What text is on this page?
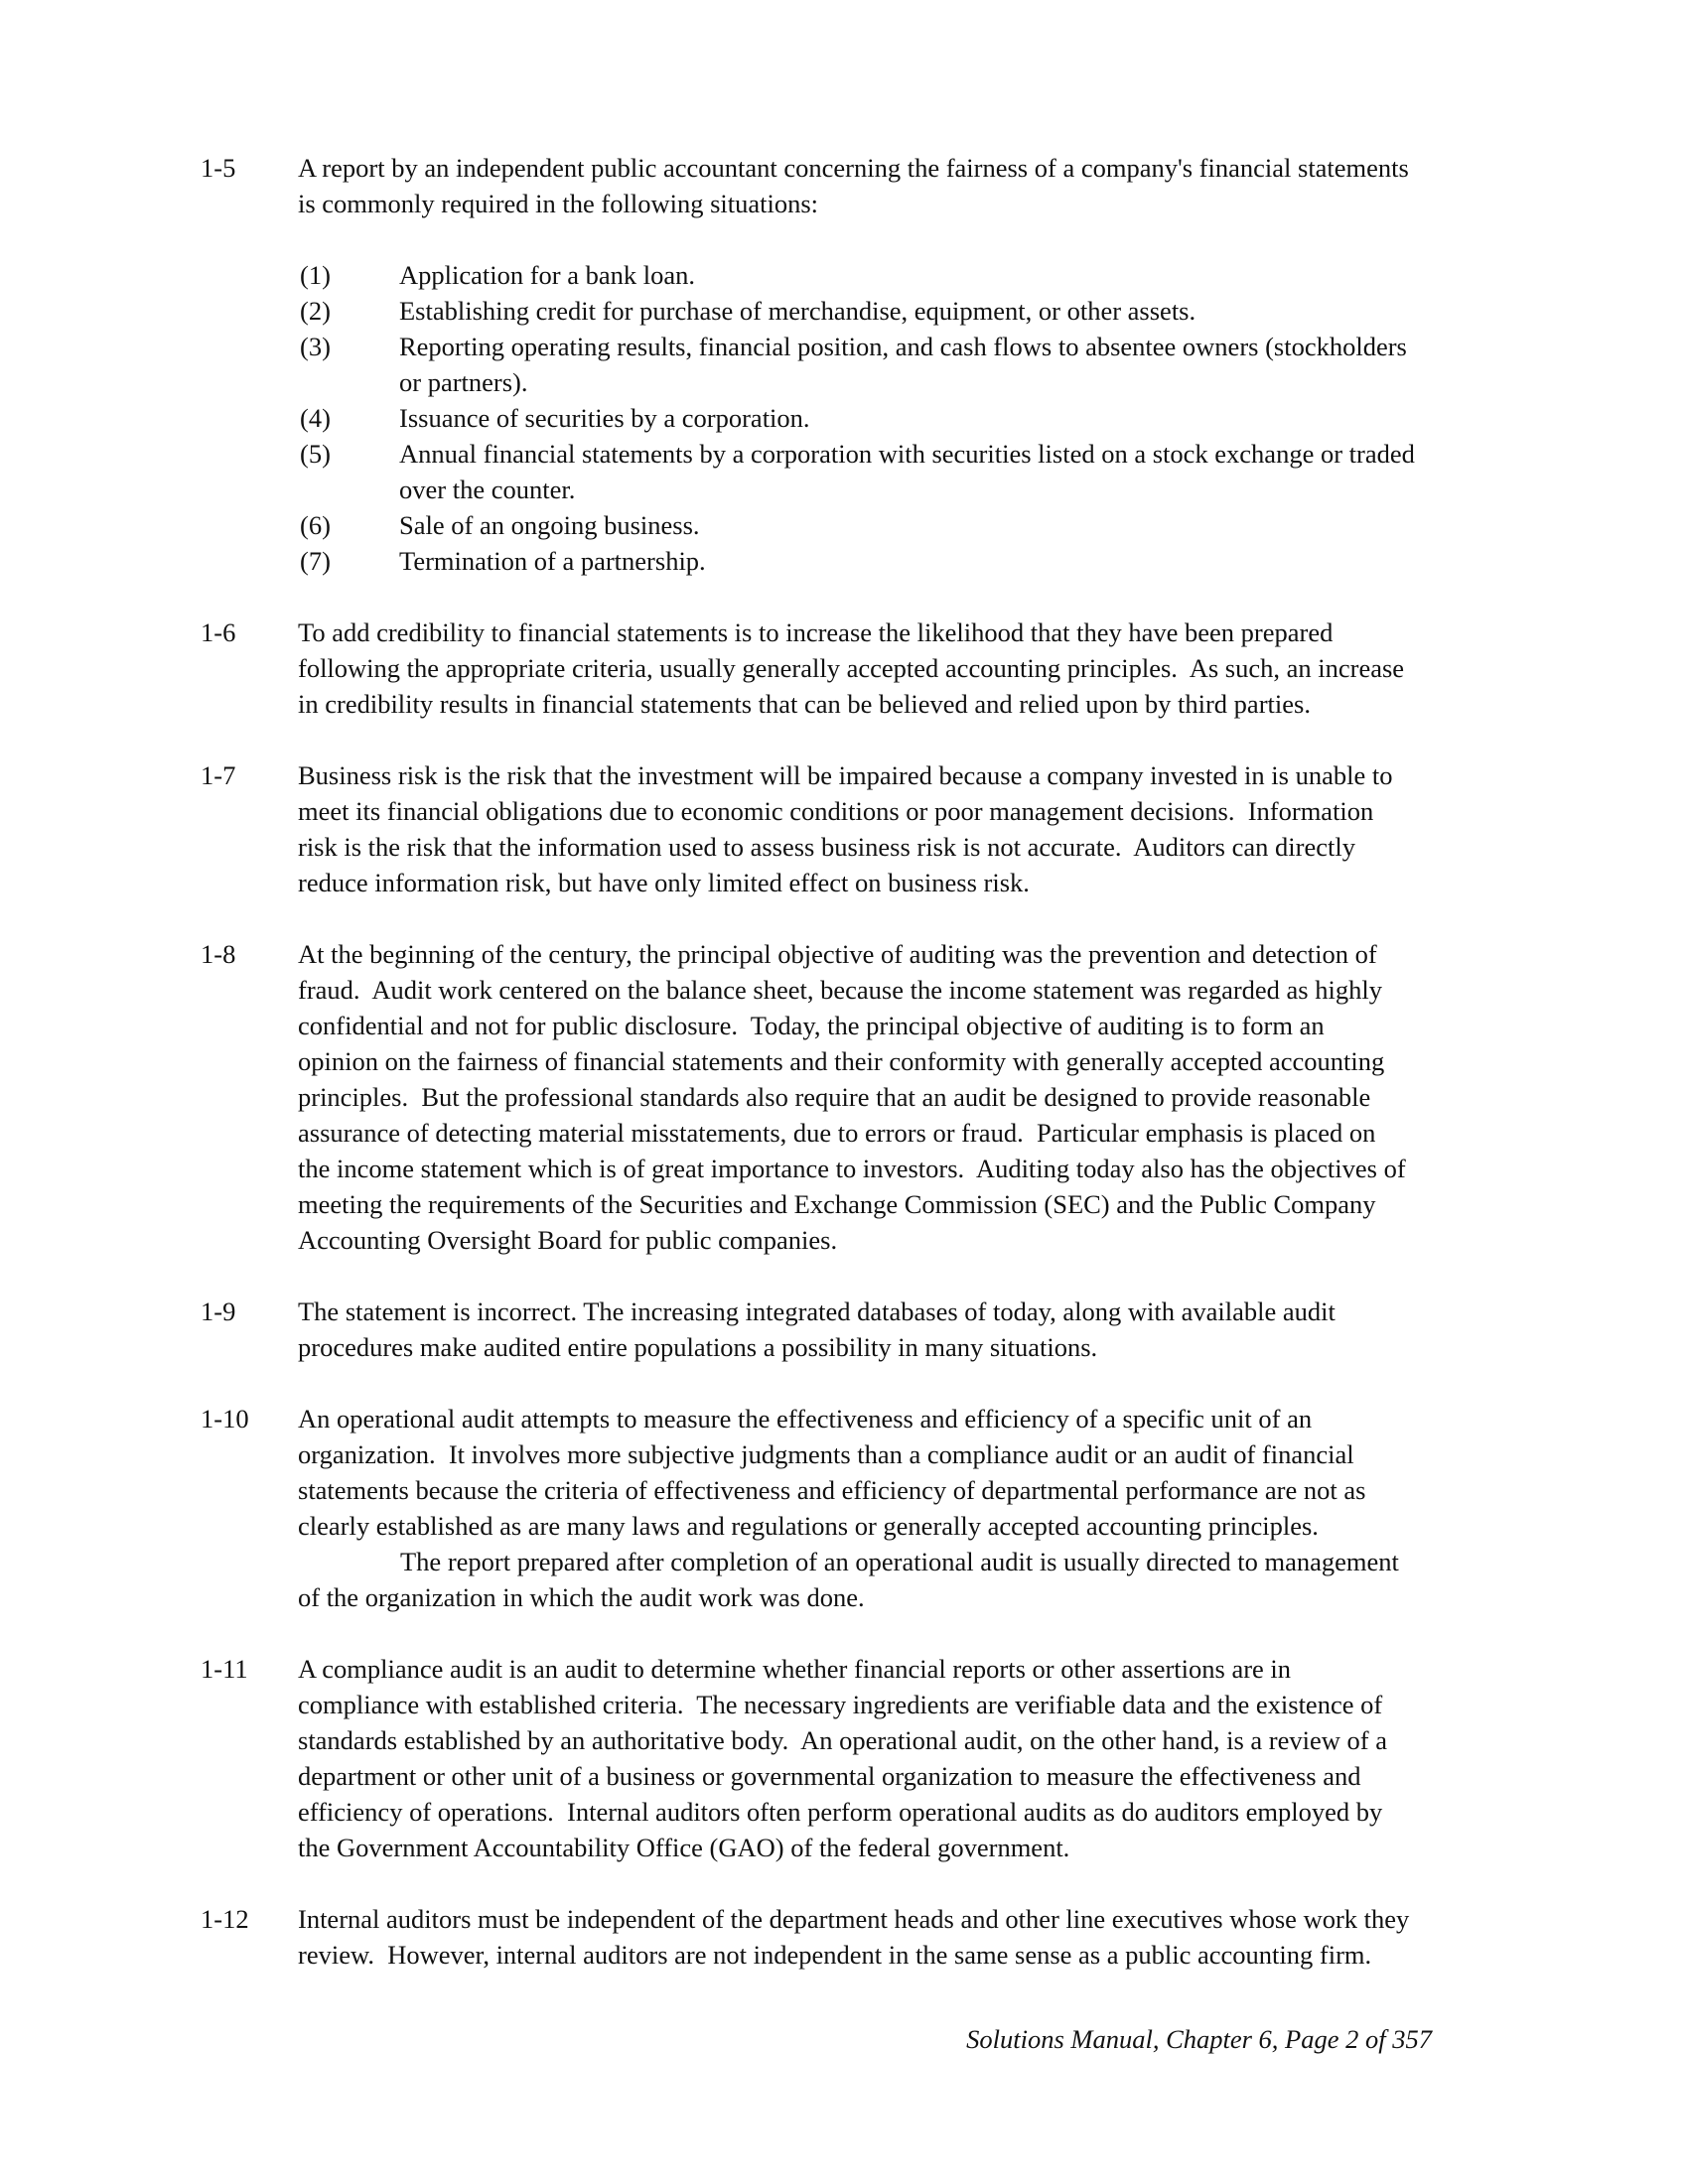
1-5 A report by an independent public accountant concerning the fairness of a company's financial statements
is commonly required in the following situations:
(1)	Application for a bank loan.
(2)	Establishing credit for purchase of merchandise, equipment, or other assets.
(3)	Reporting operating results, financial position, and cash flows to absentee owners (stockholders
or partners).
(4)	Issuance of securities by a corporation.
(5)	Annual financial statements by a corporation with securities listed on a stock exchange or traded
over the counter.
(6)	Sale of an ongoing business.
(7)	Termination of a partnership.
1-6 To add credibility to financial statements is to increase the likelihood that they have been prepared
following the appropriate criteria, usually generally accepted accounting principles.  As such, an increase
in credibility results in financial statements that can be believed and relied upon by third parties.
1-7 Business risk is the risk that the investment will be impaired because a company invested in is unable to
meet its financial obligations due to economic conditions or poor management decisions.  Information
risk is the risk that the information used to assess business risk is not accurate.  Auditors can directly
reduce information risk, but have only limited effect on business risk.
1-8 At the beginning of the century, the principal objective of auditing was the prevention and detection of
fraud.  Audit work centered on the balance sheet, because the income statement was regarded as highly
confidential and not for public disclosure.  Today, the principal objective of auditing is to form an
opinion on the fairness of financial statements and their conformity with generally accepted accounting
principles.  But the professional standards also require that an audit be designed to provide reasonable
assurance of detecting material misstatements, due to errors or fraud.  Particular emphasis is placed on
the income statement which is of great importance to investors.  Auditing today also has the objectives of
meeting the requirements of the Securities and Exchange Commission (SEC) and the Public Company
Accounting Oversight Board for public companies.
1-9 The statement is incorrect. The increasing integrated databases of today, along with available audit
procedures make audited entire populations a possibility in many situations.
1-10 An operational audit attempts to measure the effectiveness and efficiency of a specific unit of an
organization.  It involves more subjective judgments than a compliance audit or an audit of financial
statements because the criteria of effectiveness and efficiency of departmental performance are not as
clearly established as are many laws and regulations or generally accepted accounting principles.
The report prepared after completion of an operational audit is usually directed to management
of the organization in which the audit work was done.
1-11 A compliance audit is an audit to determine whether financial reports or other assertions are in
compliance with established criteria.  The necessary ingredients are verifiable data and the existence of
standards established by an authoritative body.  An operational audit, on the other hand, is a review of a
department or other unit of a business or governmental organization to measure the effectiveness and
efficiency of operations.  Internal auditors often perform operational audits as do auditors employed by
the Government Accountability Office (GAO) of the federal government.
1-12 Internal auditors must be independent of the department heads and other line executives whose work they
review.  However, internal auditors are not independent in the same sense as a public accounting firm.
Solutions Manual, Chapter 6, Page 2 of 357
